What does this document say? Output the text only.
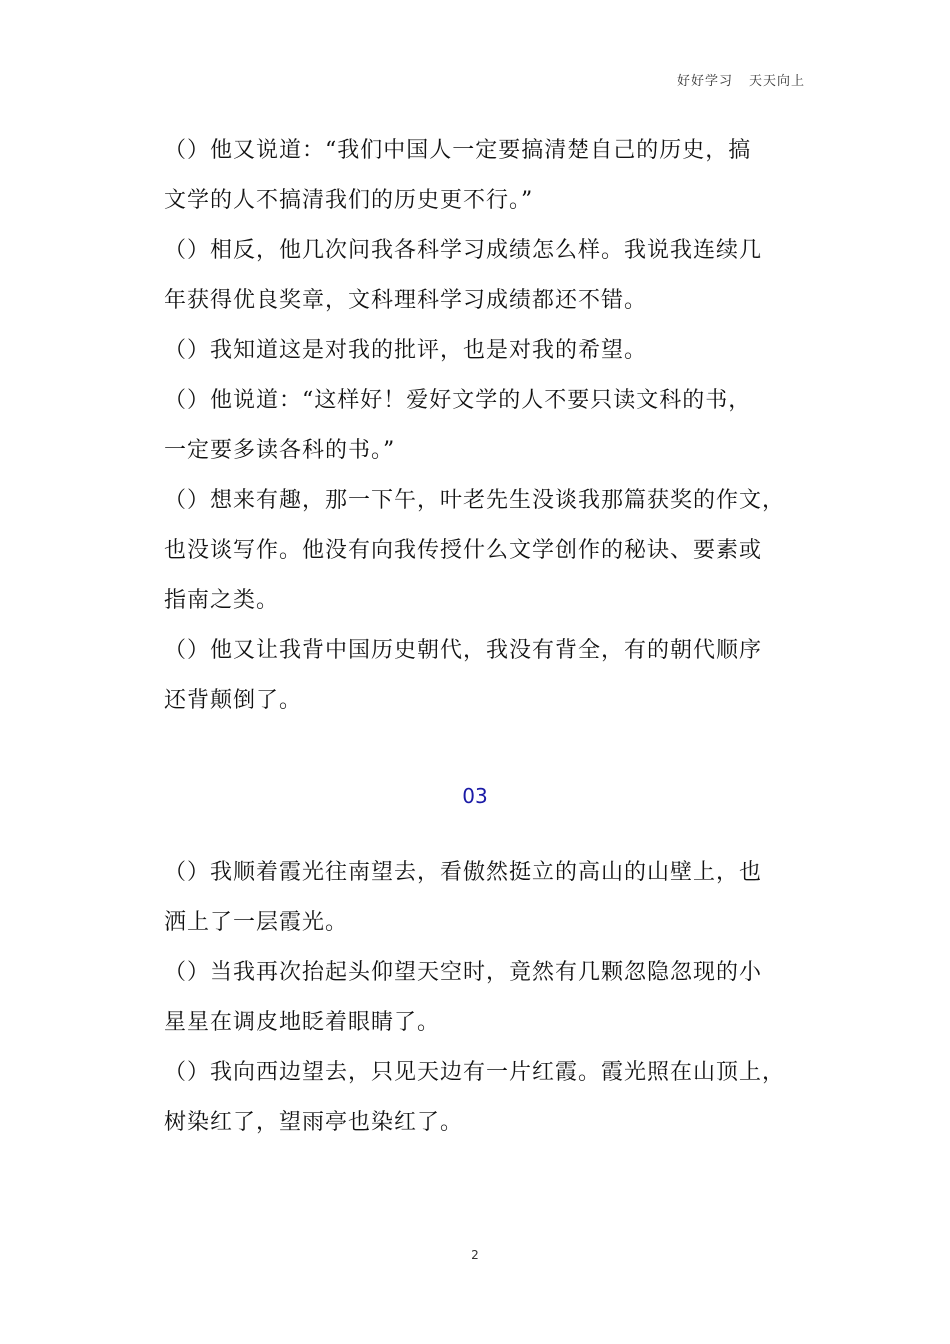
好好学习 天天向上
（）他又说道：“我们中国人一定要搞清楚自己的历史，搞
文学的人不搞清我们的历史更不行。”
（）相反，他几次问我各科学习成绩怎么样。我说我连续几
年获得优良奖章，文科理科学习成绩都还不错。
（）我知道这是对我的批评，也是对我的希望。
（）他说道：“这样好！爱好文学的人不要只读文科的书，
一定要多读各科的书。”
（）想来有趣，那一下午，叶老先生没谈我那篇获奖的作文，
也没谈写作。他没有向我传授什么文学创作的秘诀、要素或
指南之类。
（）他又让我背中国历史朝代，我没有背全，有的朝代顺序
还背颠倒了。
03
（）我顺着霞光往南望去，看傲然挺立的高山的山壁上，也
洒上了一层霞光。
（）当我再次抬起头仰望天空时，竟然有几颗忽隐忽现的小
星星在调皮地眨着眼睛了。
（）我向西边望去，只见天边有一片红霞。霞光照在山顶上，
树染红了，望雨亭也染红了。
2
